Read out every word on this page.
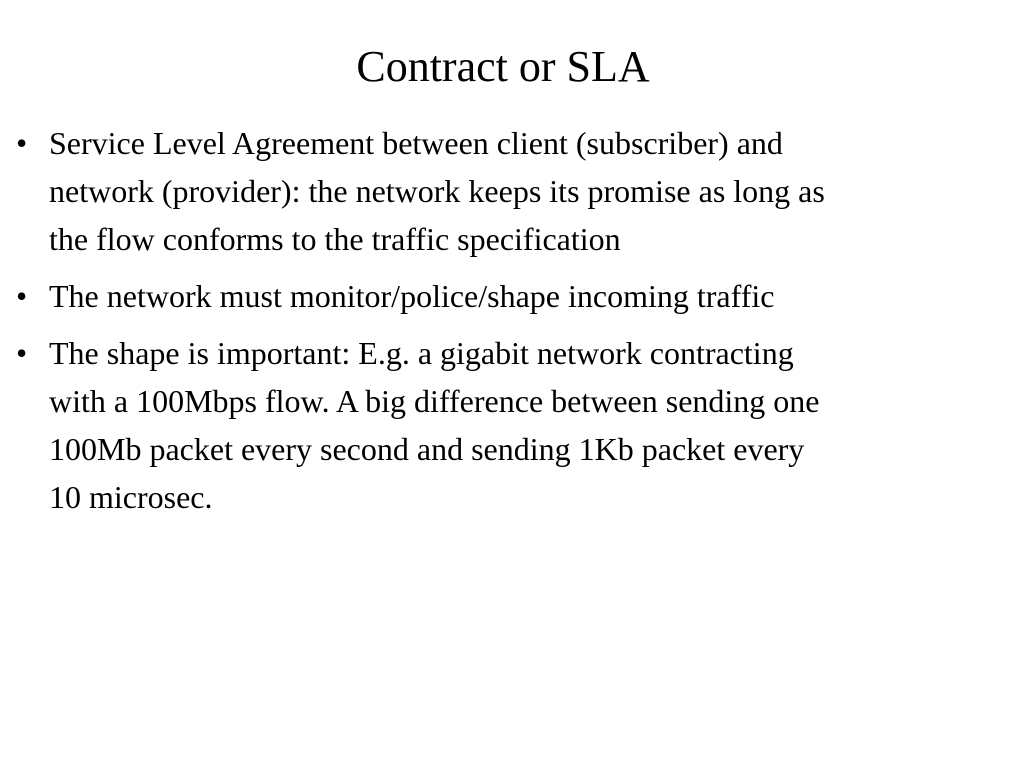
Contract or SLA
• Service Level Agreement between client (subscriber) and
network (provider): the network keeps its promise as long as
the flow conforms to the traffic specification
• The network must monitor/police/shape incoming traffic
• The shape is important: E.g. a gigabit network contracting
with a 100Mbps flow. A big difference between sending one
100Mb packet every second and sending 1Kb packet every
10 microsec.
